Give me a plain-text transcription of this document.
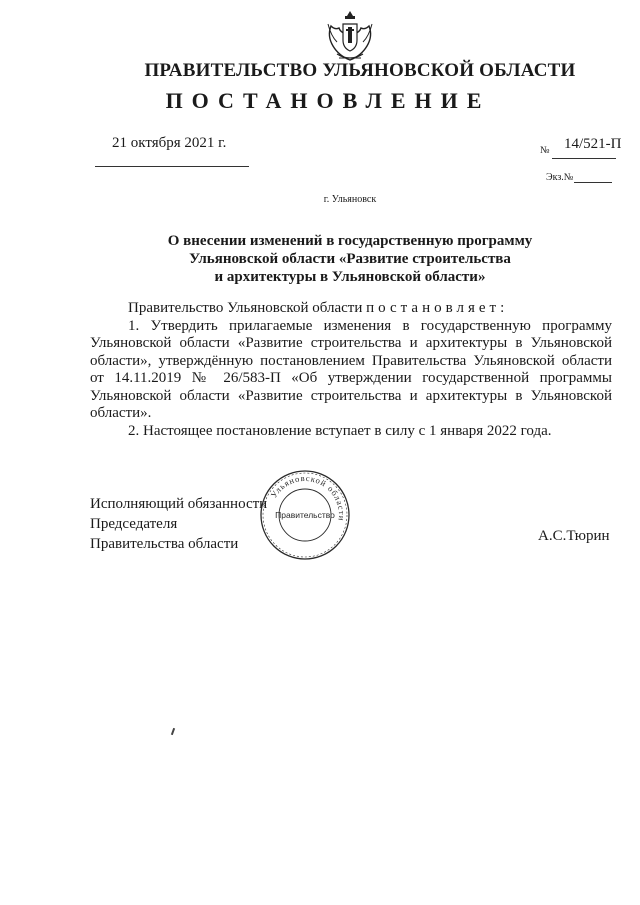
ПРАВИТЕЛЬСТВО УЛЬЯНОВСКОЙ ОБЛАСТИ
ПОСТАНОВЛЕНИЕ
21 октября 2021 г.	№ 14/521-П
Экз.№
г. Ульяновск
О внесении изменений в государственную программу
Ульяновской области «Развитие строительства
и архитектуры в Ульяновской области»

Правительство Ульяновской области постановляет:

1. Утвердить прилагаемые изменения в государственную программу Ульяновской области «Развитие строительства и архитектуры в Ульяновской области», утверждённую постановлением Правительства Ульяновской области от 14.11.2019 № 26/583-П «Об утверждении государственной программы Ульяновской области «Развитие строительства и архитектуры в Ульяновской области».

2. Настоящее постановление вступает в силу с 1 января 2022 года.

Исполняющий обязанности
Председателя
Правительства области	А.С.Тюрин
Ульяновской области
Правительство
